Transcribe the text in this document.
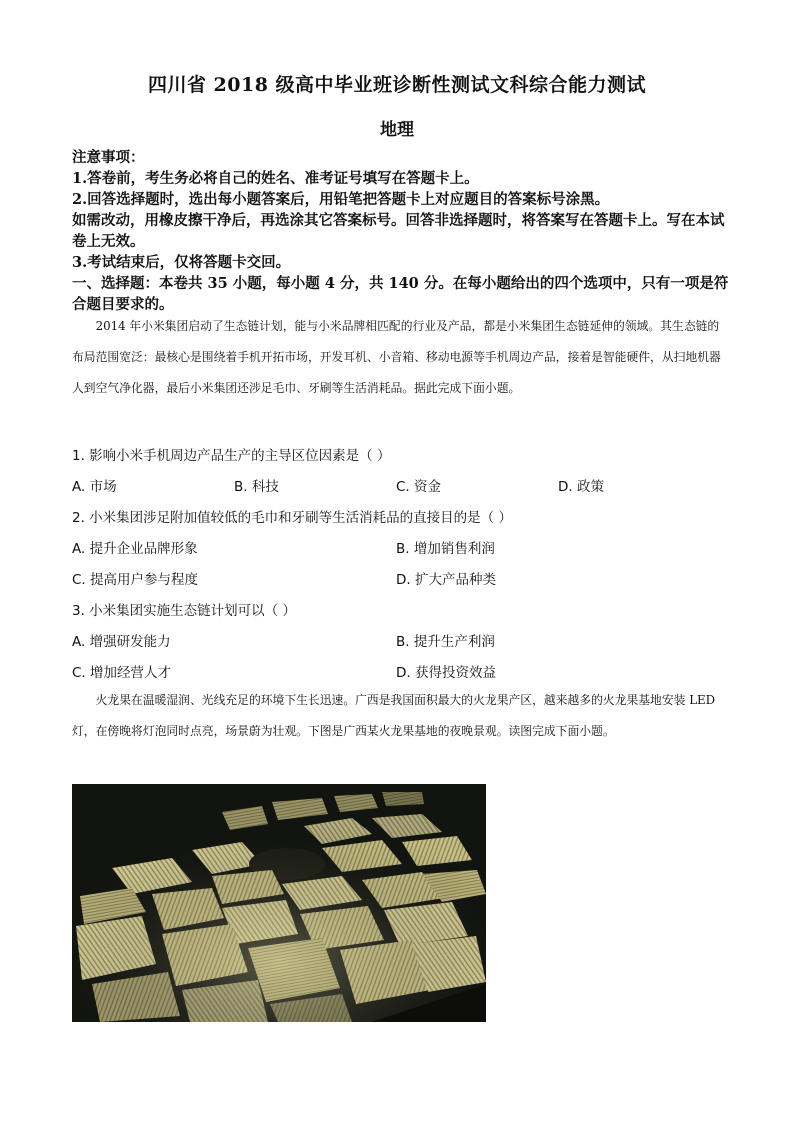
四川省 2018 级高中毕业班诊断性测试文科综合能力测试
地理

注意事项：

1.答卷前，考生务必将自己的姓名、准考证号填写在答题卡上。

2.回答选择题时，选出每小题答案后，用铅笔把答题卡上对应题目的答案标号涂黑。

如需改动，用橡皮擦干净后，再选涂其它答案标号。回答非选择题时，将答案写在答题卡上。写在本试卷上无效。

3.考试结束后，仅将答题卡交回。

一、选择题：本卷共 35 小题，每小题 4 分，共 140 分。在每小题给出的四个选项中，只有一项是符合题目要求的。

2014 年小米集团启动了生态链计划，能与小米品牌相匹配的行业及产品，都是小米集团生态链延伸的领域。其生态链的布局范围宽泛：最核心是围绕着手机开拓市场，开发耳机、小音箱、移动电源等手机周边产品，接着是智能硬件，从扫地机器人到空气净化器，最后小米集团还涉足毛巾、牙刷等生活消耗品。据此完成下面小题。

1. 影响小米手机周边产品生产的主导区位因素是（ ）
A. 市场	B. 科技	C. 资金	D. 政策
2. 小米集团涉足附加值较低的毛巾和牙刷等生活消耗品的直接目的是（ ）
A. 提升企业品牌形象	B. 增加销售利润
C. 提高用户参与程度	D. 扩大产品种类
3. 小米集团实施生态链计划可以（ ）
A. 增强研发能力	B. 提升生产利润
C. 增加经营人才	D. 获得投资效益

火龙果在温暖湿润、光线充足的环境下生长迅速。广西是我国面积最大的火龙果产区，越来越多的火龙果基地安装 LED 灯，在傍晚将灯泡同时点亮，场景蔚为壮观。下图是广西某火龙果基地的夜晚景观。读图完成下面小题。
